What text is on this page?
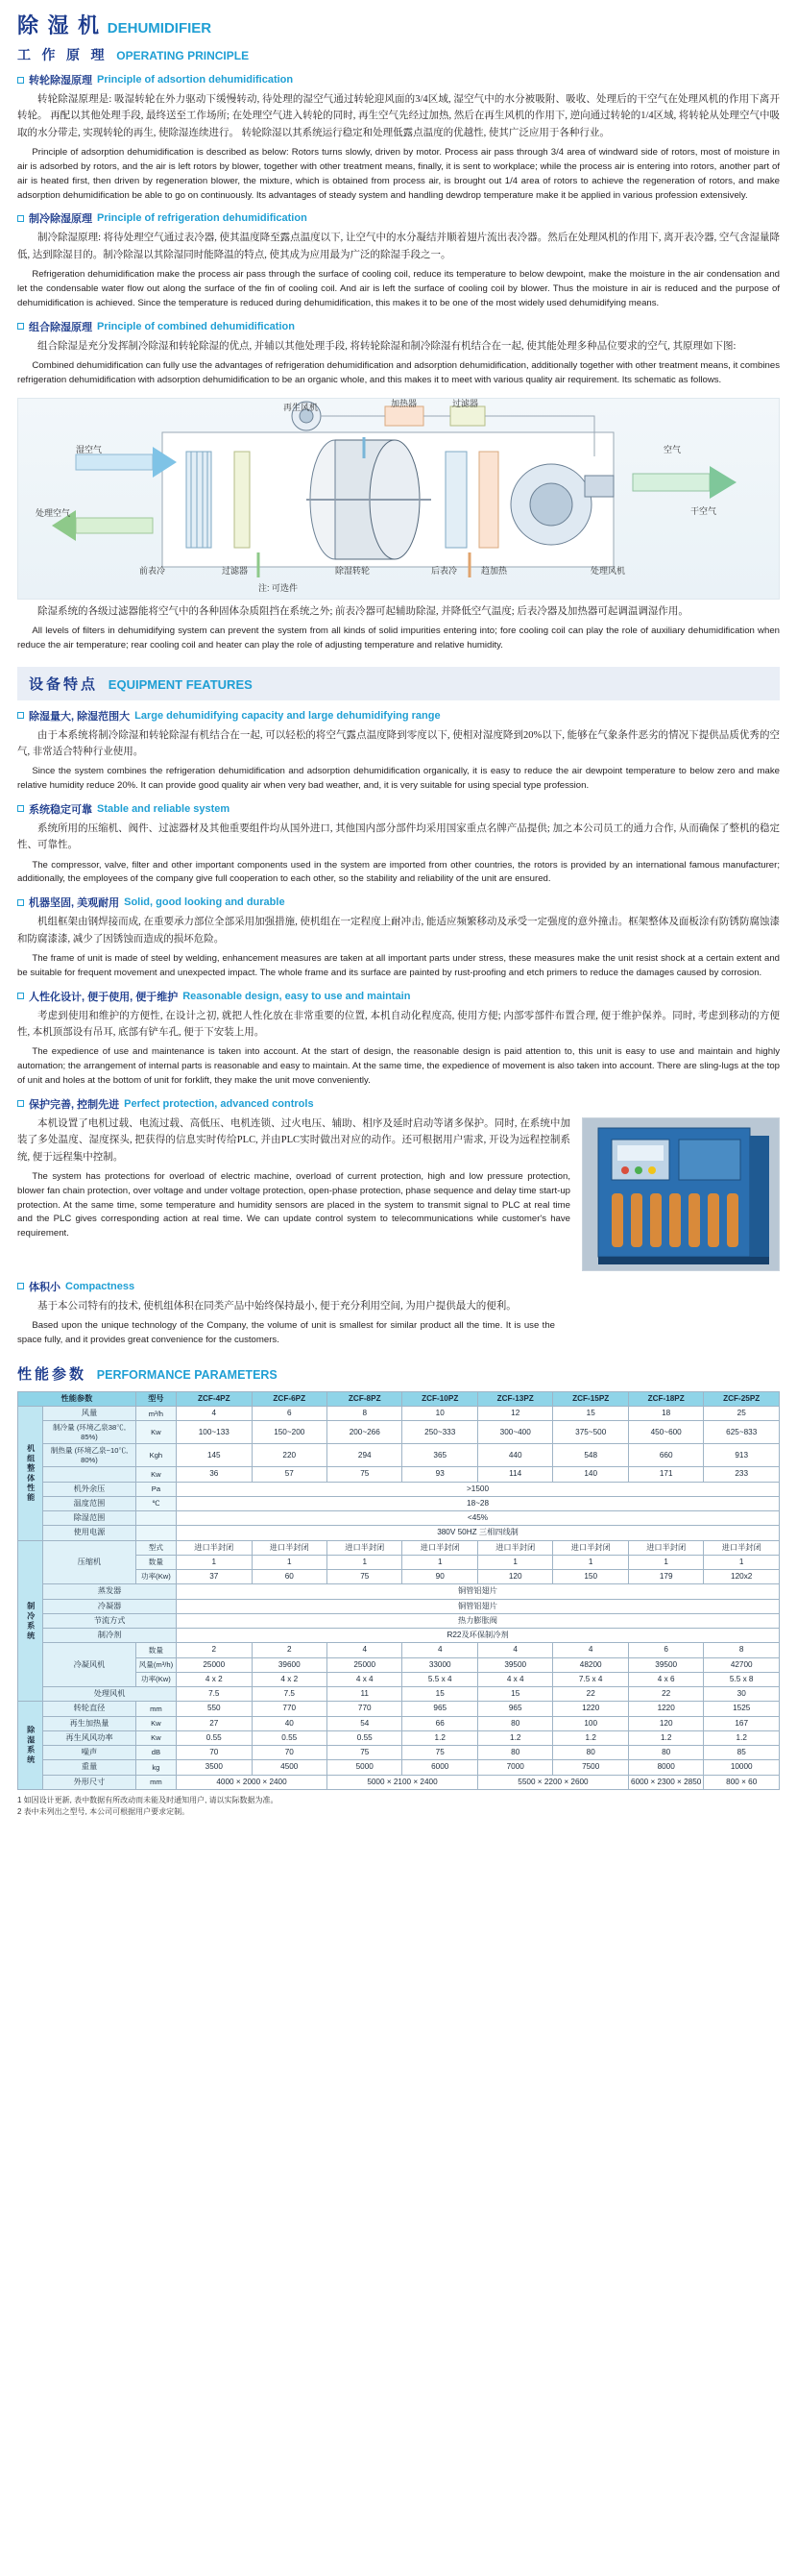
除 湿 机 DEHUMIDIFIER
工 作 原 理 OPERATING PRINCIPLE
转轮除湿原理 Principle of adsortion dehumidification

转轮除湿原理是: 吸湿转轮在外力驱动下缓慢转动, 待处理的湿空气通过转轮迎风面的3/4区域, 湿空气中的水分被吸附、吸收、处理后的干空气在处理风机的作用下离开转轮。 再配以其他处理手段, 最终送至工作场所; 在处理空气进入转轮的同时, 再生空气先经过加热, 然后在再生风机的作用下, 逆向通过转轮的1/4区域, 将转轮从处理空气中吸取的水分带走, 实现转轮的再生, 使除湿连续进行。 转轮除湿以其系统运行稳定和处理低露点温度的优越性, 使其广泛应用于各种行业。

Principle of adsorption dehumidification is described as below: Rotors turns slowly, driven by motor. Process air pass through 3/4 area of windward side of rotors, most of moisture in air is adsorbed by rotors, and the air is left rotors by blower, together with other treatment means, finally, it is sent to workplace; while the process air is entering into rotors, another part of air is heated first, then driven by regeneration blower, the mixture, which is obtained from process air, is brought out 1/4 area of rotors to achieve the regeneration of rotors, and make adsorption dehumidification be able to go on continuously. Its advantages of steady system and handling dewdrop temperature make it be applied in various profession extensively.

制冷除湿原理 Principle of refrigeration dehumidification

制冷除湿原理: 将待处理空气通过表冷器, 使其温度降至露点温度以下, 让空气中的水分凝结并顺着翅片流出表冷器。然后在处理风机的作用下, 离开表冷器, 空气含湿量降低, 达到除湿目的。制冷除湿以其除湿同时能降温的特点, 使其成为应用最为广泛的除湿手段之一。

Refrigeration dehumidification make the process air pass through the surface of cooling coil, reduce its temperature to below dewpoint, make the moisture in the air condensation and let the condensable water flow out along the surface of the fin of cooling coil. And air is left the surface of cooling coil by blower. Thus the moisture in air is reduced and the purpose of dehumidification is achieved. Since the temperature is reduced during dehumidification, this makes it to be one of the most widely used dehumidifying means.

组合除湿原理 Principle of combined dehumidification

组合除湿是充分发挥制冷除湿和转轮除湿的优点, 并辅以其他处理手段, 将转轮除湿和制冷除湿有机结合在一起, 使其能处理多种品位要求的空气, 其原理如下图:

Combined dehumidification can fully use the advantages of refrigeration dehumidification and adsorption dehumidification, additionally together with other treatment means, it combines refrigeration dehumidification with adsorption dehumidification to be an organic whole, and this makes it to meet with various quality air requirement. Its schematic as follows.

再生风机	加热器	过滤器
湿空气	空气
处理空气	干空气
过滤器	除湿转轮	后表冷	趋加热	处理风机
前表冷
注: 可选件

除湿系统的各级过滤器能将空气中的各种固体杂质阻挡在系统之外; 前表冷器可起辅助除湿, 并降低空气温度; 后表冷器及加热器可起调温调湿作用。

All levels of filters in dehumidifying system can prevent the system from all kinds of solid impurities entering into; fore cooling coil can play the role of auxiliary dehumidification when reduce the air temperature; rear cooling coil and heater can play the role of adjusting temperature and relative humidity.

设备特点 EQUIPMENT FEATURES
除湿量大, 除湿范围大 Large dehumidifying capacity and large dehumidifying range

由于本系统将制冷除湿和转轮除湿有机结合在一起, 可以轻松的将空气露点温度降到零度以下, 使相对湿度降到20%以下, 能够在气象条件恶劣的情况下提供品质优秀的空气, 非常适合特种行业使用。

Since the system combines the refrigeration dehumidification and adsorption dehumidification organically, it is easy to reduce the air dewpoint temperature to below zero and make relative humidity reduce 20%. It can provide good quality air when very bad weather, and, it is very suitable for using special type profession.

系统稳定可靠 Stable and reliable system

系统所用的压缩机、阀件、过滤器材及其他重要组件均从国外进口, 其他国内部分部件均采用国家重点名牌产品提供; 加之本公司员工的通力合作, 从而确保了整机的稳定性、可靠性。

The compressor, valve, filter and other important components used in the system are imported from other countries, the rotors is provided by an international famous manufacturer; additionally, the employees of the company give full cooperation to each other, so the stability and reliability of the unit are ensured.

机器坚固, 美观耐用 Solid, good looking and durable

机组框架由钢焊接而成, 在重要承力部位全部采用加强措施, 使机组在一定程度上耐冲击, 能适应频繁移动及承受一定强度的意外撞击。框架整体及面板涂有防锈防腐蚀漆和防腐漆漆, 减少了因锈蚀而造成的损坏危险。

The frame of unit is made of steel by welding, enhancement measures are taken at all important parts under stress, these measures make the unit resist shock at a certain extent and be suitable for frequent movement and unexpected impact. The whole frame and its surface are painted by rust-proofing and etch primers to reduce the damages caused by corrosion.

人性化设计, 便于使用, 便于维护 Reasonable design, easy to use and maintain

考虑到使用和维护的方便性, 在设计之初, 就把人性化放在非常重要的位置, 本机自动化程度高, 使用方便; 内部零部件布置合理, 便于维护保养。同时, 考虑到移动的方便性, 本机顶部设有吊耳, 底部有铲车孔, 便于下安装上用。

The expedience of use and maintenance is taken into account. At the start of design, the reasonable design is paid attention to, this unit is easy to use and maintain and highly automation; the arrangement of internal parts is reasonable and easy to maintain. At the same time, the expedience of movement is also taken into account. There are sling-lugs at the top of unit and holes at the bottom of unit for forklift, they make the unit move conveniently.

保护完善, 控制先进 Perfect protection, advanced controls

本机设置了电机过载、电流过载、高低压、电机连锁、过火电压、辅助、相序及延时启动等诸多保护。同时, 在系统中加装了多处温度、湿度探头, 把获得的信息实时传给PLC, 并由PLC实时做出对应的动作。还可根据用户需求, 开设为远程控制系统, 便于远程集中控制。

The system has protections for overload of electric machine, overload of current protection, high and low pressure protection, blower fan chain protection, over voltage and under voltage protection, open-phase protection, phase sequence and delay time start-up protection. At the same time, some temperature and humidity sensors are placed in the system to transmit signal to PLC at real time and the PLC gives corresponding action at real time. We can update control system to telecommunications while customer's have requirement.

体积小 Compactness

基于本公司特有的技术, 使机组体积在同类产品中始终保持最小, 便于充分利用空间, 为用户提供最大的便利。

Based upon the unique technology of the Company, the volume of unit is smallest for similar product all the time. It is use the space fully, and it provides great convenience for the customers.

性能参数 PERFORMANCE PARAMETERS
性能参数		型号	ZCF-4PZ	ZCF-6PZ	ZCF-8PZ	ZCF-10PZ	ZCF-13PZ	ZCF-15PZ	ZCF-18PZ	ZCF-25PZ
机组整体性能	风量	m³/h	4	6	8	10	12	15	18	25
	制冷量 (环境乙泉38℃, 85%)	Kw	100~133	150~200	200~266	250~333	300~400	375~500	450~600	625~833
	制热量 (环境乙泉~10℃, 80%)	Kgh	145	220	294	365	440	548	660	913
		Kw	36	57	75	93	114	140	171	233
	机外余压	Pa	>1500							
	温度范围	℃	18~28							
	除湿范围		<45%							
	使用电源		380V 50HZ 三相四线制							
制冷系统	压缩机	型式	进口半封闭	进口半封闭	进口半封闭	进口半封闭	进口半封闭	进口半封闭	进口半封闭	进口半封闭
		数量	1	1	1	1	1	1	1	1
		功率(Kw)	37	60	75	90	120	150	179	120x2
	蒸发器		铜管铝翅片							
	冷凝器		铜管铝翅片							
	节流方式		热力膨胀阀							
	制冷剂		R22及环保制冷剂							
	冷凝风机	数量	2	2	4	4	4	4	6	8
		风量(m³/h)	25000	39600	25000	33000	39500	48200	39500	42700
		功率(Kw)	4 x 2	4 x 2	4 x 4	5.5 x 4	4 x 4	7.5 x 4	4 x 6	5.5 x 8
	处理风机		7.5	7.5	11	15	15	22	22	30
除湿系统	转轮直径	mm	550	770	770	965	965	1220	1220	1525
	再生加热量	Kw	27	40	54	66	80	100	120	167
	再生风风功率	Kw	0.55	0.55	0.55	1.2	1.2	1.2	1.2	1.2
	噪声	dB	70	70	75	75	80	80	80	85
	重量	kg	3500	4500	5000	6000	7000	7500	8000	10000
	外形尺寸	mm	4000 × 2000 × 2400		5000 × 2100 × 2400		5500 × 2200 × 2600		6000 × 2300 × 2850	800 × 60
1 如因设计更新, 表中数据有所改动而未能及时通知用户, 请以实际数据为准。
2 表中未列出之型号, 本公司可根据用户要求定制。
